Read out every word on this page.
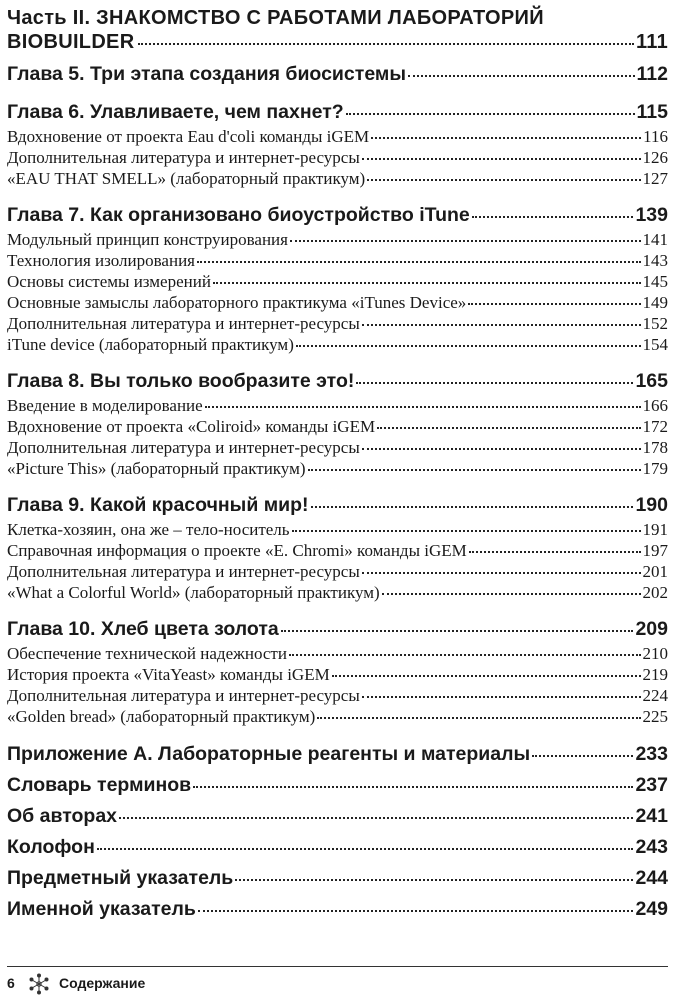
Часть II. ЗНАКОМСТВО С РАБОТАМИ ЛАБОРАТОРИЙ
BIOBUILDER	111
Глава 5. Три этапа создания биосистемы	112
Глава 6. Улавливаете, чем пахнет?	115
Вдохновение от проекта Eau d'coli команды iGEM	116
Дополнительная литература и интернет-ресурсы	126
«EAU THAT SMELL» (лабораторный практикум)	127
Глава 7. Как организовано биоустройство iTune	139
Модульный принцип конструирования	141
Технология изолирования	143
Основы системы измерений	145
Основные замыслы лабораторного практикума «iTunes Device»	149
Дополнительная литература и интернет-ресурсы	152
iTune device (лабораторный практикум)	154
Глава 8. Вы только вообразите это!	165
Введение в моделирование	166
Вдохновение от проекта «Coliroid» команды iGEM	172
Дополнительная литература и интернет-ресурсы	178
«Picture This» (лабораторный практикум)	179
Глава 9. Какой красочный мир!	190
Клетка-хозяин, она же – тело-носитель	191
Справочная информация о проекте «E. Chromi» команды iGEM	197
Дополнительная литература и интернет-ресурсы	201
«What a Colorful World» (лабораторный практикум)	202
Глава 10. Хлеб цвета золота	209
Обеспечение технической надежности	210
История проекта «VitaYeast» команды iGEM	219
Дополнительная литература и интернет-ресурсы	224
«Golden bread» (лабораторный практикум)	225
Приложение А. Лабораторные реагенты и материалы	233
Словарь терминов	237
Об авторах	241
Колофон	243
Предметный указатель	244
Именной указатель	249
6	Содержание
